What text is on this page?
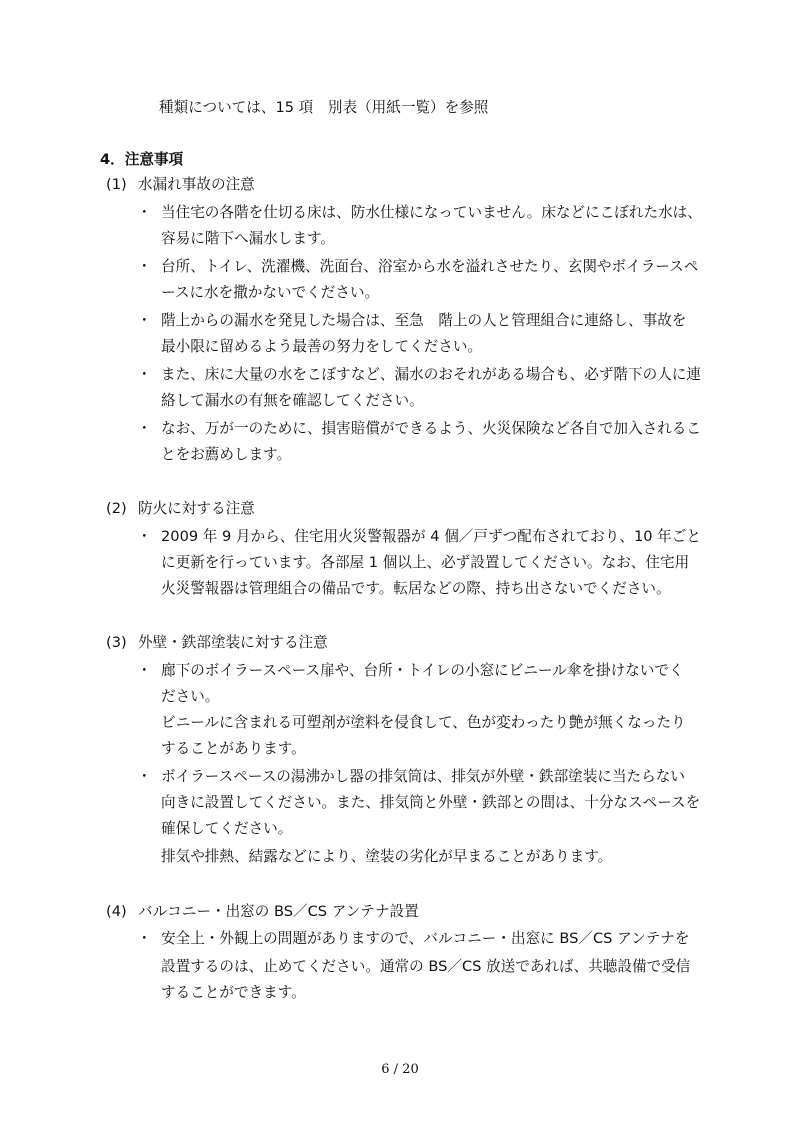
種類については、15 項　別表（用紙一覧）を参照

4．注意事項

(1) 水漏れ事故の注意

・ 当住宅の各階を仕切る床は、防水仕様になっていません。床などにこぼれた水は、

容易に階下へ漏水します。

・ 台所、トイレ、洗濯機、洗面台、浴室から水を溢れさせたり、玄関やボイラースペ

ースに水を撒かないでください。

・ 階上からの漏水を発見した場合は、至急　階上の人と管理組合に連絡し、事故を

最小限に留めるよう最善の努力をしてください。

・ また、床に大量の水をこぼすなど、漏水のおそれがある場合も、必ず階下の人に連

絡して漏水の有無を確認してください。

・ なお、万が一のために、損害賠償ができるよう、火災保険など各自で加入されるこ

とをお薦めします。

(2) 防火に対する注意

・ 2009 年 9 月から、住宅用火災警報器が 4 個／戸ずつ配布されており、10 年ごと

に更新を行っています。各部屋 1 個以上、必ず設置してください。なお、住宅用

火災警報器は管理組合の備品です。転居などの際、持ち出さないでください。

(3) 外壁・鉄部塗装に対する注意

・ 廊下のボイラースペース扉や、台所・トイレの小窓にビニール傘を掛けないでく

ださい。

ビニールに含まれる可塑剤が塗料を侵食して、色が変わったり艶が無くなったり

することがあります。

・ ボイラースペースの湯沸かし器の排気筒は、排気が外壁・鉄部塗装に当たらない

向きに設置してください。また、排気筒と外壁・鉄部との間は、十分なスペースを

確保してください。

排気や排熱、結露などにより、塗装の劣化が早まることがあります。

(4) バルコニー・出窓の BS／CS アンテナ設置

・ 安全上・外観上の問題がありますので、バルコニー・出窓に BS／CS アンテナを

設置するのは、止めてください。通常の BS／CS 放送であれば、共聴設備で受信

することができます。

6 / 20
